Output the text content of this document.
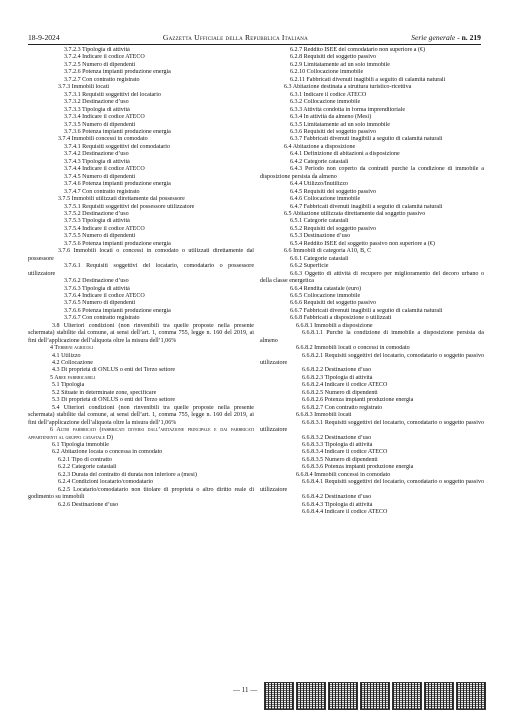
18-9-2024	Gazzetta Ufficiale della Repubblica Italiana	Serie generale - n. 219
3.7.2.3 Tipologia di attività
3.7.2.4 Indicare il codice ATECO
3.7.2.5 Numero di dipendenti
3.7.2.6 Potenza impianti produzione energia
3.7.2.7 Con contratto registrato
3.7.3 Immobili locati
3.7.3.1 Requisiti soggettivi del locatario
3.7.3.2 Destinazione d’uso
3.7.3.3 Tipologia di attività
3.7.3.4 Indicare il codice ATECO
3.7.3.5 Numero di dipendenti
3.7.3.6 Potenza impianti produzione energia
3.7.4 Immobili concessi in comodato
3.7.4.1 Requisiti soggettivi del comodatario
3.7.4.2 Destinazione d’uso
3.7.4.3 Tipologia di attività
3.7.4.4 Indicare il codice ATECO
3.7.4.5 Numero di dipendenti
3.7.4.6 Potenza impianti produzione energia
3.7.4.7 Con contratto registrato
3.7.5 Immobili utilizzati direttamente dal possessore
3.7.5.1 Requisiti soggettivi del possessore utilizzatore
3.7.5.2 Destinazione d’uso
3.7.5.3 Tipologia di attività
3.7.5.4 Indicare il codice ATECO
3.7.5.5 Numero di dipendenti
3.7.5.6 Potenza impianti produzione energia
3.7.6 Immobili locati o concessi in comodato o utilizzati direttamente dal possessore
3.7.6.1 Requisiti soggettivi del locatario, comodatario o possessore utilizzatore
3.7.6.2 Destinazione d’uso
3.7.6.3 Tipologia di attività
3.7.6.4 Indicare il codice ATECO
3.7.6.5 Numero di dipendenti
3.7.6.6 Potenza impianti produzione energia
3.7.6.7 Con contratto registrato
3.8 Ulteriori condizioni (non rinvenibili tra quelle proposte nella presente schermata) stabilite dal comune, ai sensi dell’art. 1, comma 755, legge n. 160 del 2019, ai fini dell’applicazione dell’aliquota oltre la misura dell’1,06%
4 Terreni agricoli
4.1 Utilizzo
4.2 Collocazione
4.3 Di proprietà di ONLUS o enti del Terzo settore
5 Aree fabbricabili
5.1 Tipologia
5.2 Situate in determinate zone, specificare
5.3 Di proprietà di ONLUS o enti del Terzo settore
5.4 Ulteriori condizioni (non rinvenibili tra quelle proposte nella presente schermata) stabilite dal comune, ai sensi dell’art. 1, comma 755, legge n. 160 del 2019, ai fini dell’applicazione dell’aliquota oltre la misura dell’1,06%
6 Altri fabbricati (fabbricati diversi dall’abitazione principale e dai fabbricati appartenenti al gruppo catastale D)
6.1 Tipologia immobile
6.2 Abitazione locata o concessa in comodato
6.2.1 Tipo di contratto
6.2.2 Categorie catastali
6.2.3 Durata del contratto di durata non inferiore a (mesi)
6.2.4 Condizioni locatario/comodatario
6.2.5 Locatario/comodatario non titolare di proprietà o altro diritto reale di godimento su immobili
6.2.6 Destinazione d’uso
6.2.7 Reddito ISEE del comodatario non superiore a (€)
6.2.8 Requisiti del soggetto passivo
6.2.9 Limitatamente ad un solo immobile
6.2.10 Collocazione immobile
6.2.11 Fabbricati divenuti inagibili a seguito di calamità naturali
6.3 Abitazione destinata a struttura turistico-ricettiva
6.3.1 Indicare il codice ATECO
6.3.2 Collocazione immobile
6.3.3 Attività condotta in forma imprenditoriale
6.3.4 In attività da almeno (Mesi)
6.3.5 Limitatamente ad un solo immobile
6.3.6 Requisiti del soggetto passivo
6.3.7 Fabbricati divenuti inagibili a seguito di calamità naturali
6.4 Abitazione a disposizione
6.4.1 Definizione di abitazioni a disposizione
6.4.2 Categorie catastali
6.4.3 Periodo non coperto da contratti purché la condizione di immobile a disposizione persista da almeno
6.4.4 Utilizzo/Inutilizzo
6.4.5 Requisiti del soggetto passivo
6.4.6 Collocazione immobile
6.4.7 Fabbricati divenuti inagibili a seguito di calamità naturali
6.5 Abitazione utilizzata direttamente dal soggetto passivo
6.5.1 Categorie catastali
6.5.2 Requisiti del soggetto passivo
6.5.3 Destinazione d’uso
6.5.4 Reddito ISEE del soggetto passivo non superiore a (€)
6.6 Immobili di categoria A10, B, C
6.6.1 Categorie catastali
6.6.2 Superficie
6.6.3 Oggetto di attività di recupero per miglioramento del decoro urbano o della classe energetica
6.6.4 Rendita catastale (euro)
6.6.5 Collocazione immobile
6.6.6 Requisiti del soggetto passivo
6.6.7 Fabbricati divenuti inagibili a seguito di calamità naturali
6.6.8 Fabbricati a disposizione o utilizzati
6.6.8.1 Immobili a disposizione
6.6.8.1.1 Purché la condizione di immobile a disposizione persista da almeno
6.6.8.2 Immobili locati o concessi in comodato
6.6.8.2.1 Requisiti soggettivi del locatario, comodatario o soggetto passivo utilizzatore
6.6.8.2.2 Destinazione d’uso
6.6.8.2.3 Tipologia di attività
6.6.8.2.4 Indicare il codice ATECO
6.6.8.2.5 Numero di dipendenti
6.6.8.2.6 Potenza impianti produzione energia
6.6.8.2.7 Con contratto registrato
6.6.8.3 Immobili locati
6.6.8.3.1 Requisiti soggettivi del locatario, comodatario o soggetto passivo utilizzatore
6.6.8.3.2 Destinazione d’uso
6.6.8.3.3 Tipologia di attività
6.6.8.3.4 Indicare il codice ATECO
6.6.8.3.5 Numero di dipendenti
6.6.8.3.6 Potenza impianti produzione energia
6.6.8.4 Immobili concessi in comodato
6.6.8.4.1 Requisiti soggettivi del locatario, comodatario o soggetto passivo utilizzatore
6.6.8.4.2 Destinazione d’uso
6.6.8.4.3 Tipologia di attività
6.6.8.4.4 Indicare il codice ATECO
— 11 —
